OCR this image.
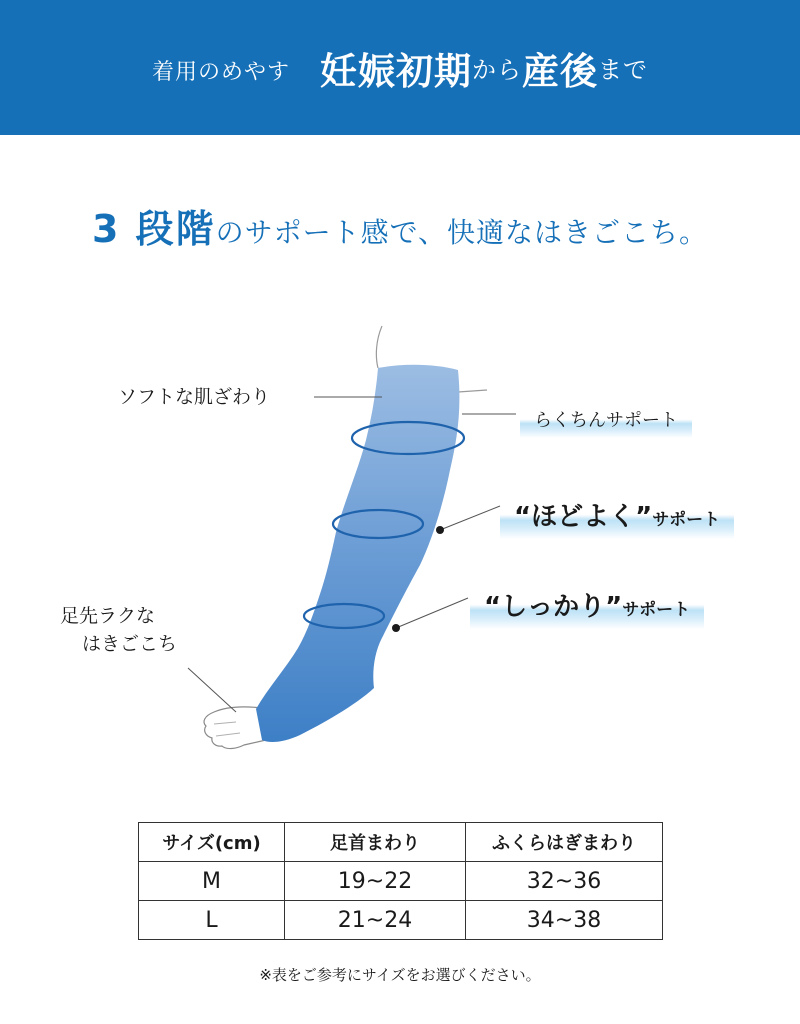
着用のめやす 妊娠初期 から 産後 まで
3 段階のサポート感で、快適なはきごこち。
ソフトな肌ざわり
足先ラクな
はきごこち
らくちんサポート
“ほどよく”サポート
“しっかり”サポート
サイズ(cm)	足首まわり	ふくらはぎまわり
M	19~22	32~36
L	21~24	34~38
※表をご参考にサイズをお選びください。
